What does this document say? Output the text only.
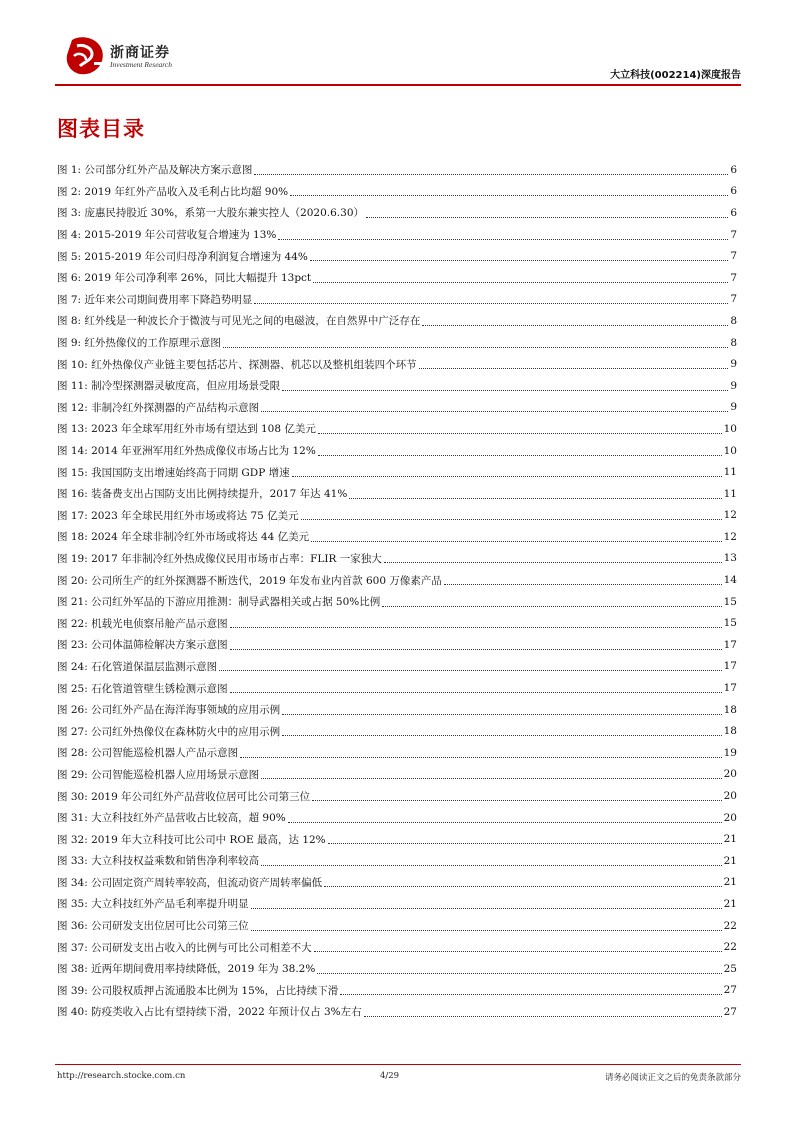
浙商证券
Investment Research
大立科技(002214)深度报告
图表目录
图 1: 公司部分红外产品及解决方案示意图	6
图 2: 2019 年红外产品收入及毛利占比均超 90%	6
图 3: 庞惠民持股近 30%，系第一大股东兼实控人（2020.6.30）	6
图 4: 2015-2019 年公司营收复合增速为 13%	7
图 5: 2015-2019 年公司归母净利润复合增速为 44%	7
图 6: 2019 年公司净利率 26%，同比大幅提升 13pct	7
图 7: 近年来公司期间费用率下降趋势明显	7
图 8: 红外线是一种波长介于微波与可见光之间的电磁波，在自然界中广泛存在	8
图 9: 红外热像仪的工作原理示意图	8
图 10: 红外热像仪产业链主要包括芯片、探测器、机芯以及整机组装四个环节	9
图 11: 制冷型探测器灵敏度高，但应用场景受限	9
图 12: 非制冷红外探测器的产品结构示意图	9
图 13: 2023 年全球军用红外市场有望达到 108 亿美元	10
图 14: 2014 年亚洲军用红外热成像仪市场占比为 12%	10
图 15: 我国国防支出增速始终高于同期 GDP 增速	11
图 16: 装备费支出占国防支出比例持续提升，2017 年达 41%	11
图 17: 2023 年全球民用红外市场或将达 75 亿美元	12
图 18: 2024 年全球非制冷红外市场或将达 44 亿美元	12
图 19: 2017 年非制冷红外热成像仪民用市场市占率：FLIR 一家独大	13
图 20: 公司所生产的红外探测器不断迭代，2019 年发布业内首款 600 万像素产品	14
图 21: 公司红外军品的下游应用推测：制导武器相关或占据 50%比例	15
图 22: 机载光电侦察吊舱产品示意图	15
图 23: 公司体温筛检解决方案示意图	17
图 24: 石化管道保温层监测示意图	17
图 25: 石化管道管壁生锈检测示意图	17
图 26: 公司红外产品在海洋海事领域的应用示例	18
图 27: 公司红外热像仪在森林防火中的应用示例	18
图 28: 公司智能巡检机器人产品示意图	19
图 29: 公司智能巡检机器人应用场景示意图	20
图 30: 2019 年公司红外产品营收位居可比公司第三位	20
图 31: 大立科技红外产品营收占比较高，超 90%	20
图 32: 2019 年大立科技可比公司中 ROE 最高，达 12%	21
图 33: 大立科技权益乘数和销售净利率较高	21
图 34: 公司固定资产周转率较高，但流动资产周转率偏低	21
图 35: 大立科技红外产品毛利率提升明显	21
图 36: 公司研发支出位居可比公司第三位	22
图 37: 公司研发支出占收入的比例与可比公司相差不大	22
图 38: 近两年期间费用率持续降低，2019 年为 38.2%	25
图 39: 公司股权质押占流通股本比例为 15%，占比持续下滑	27
图 40: 防疫类收入占比有望持续下滑，2022 年预计仅占 3%左右	27
http://research.stocke.com.cn	4/29	请务必阅读正文之后的免责条款部分
